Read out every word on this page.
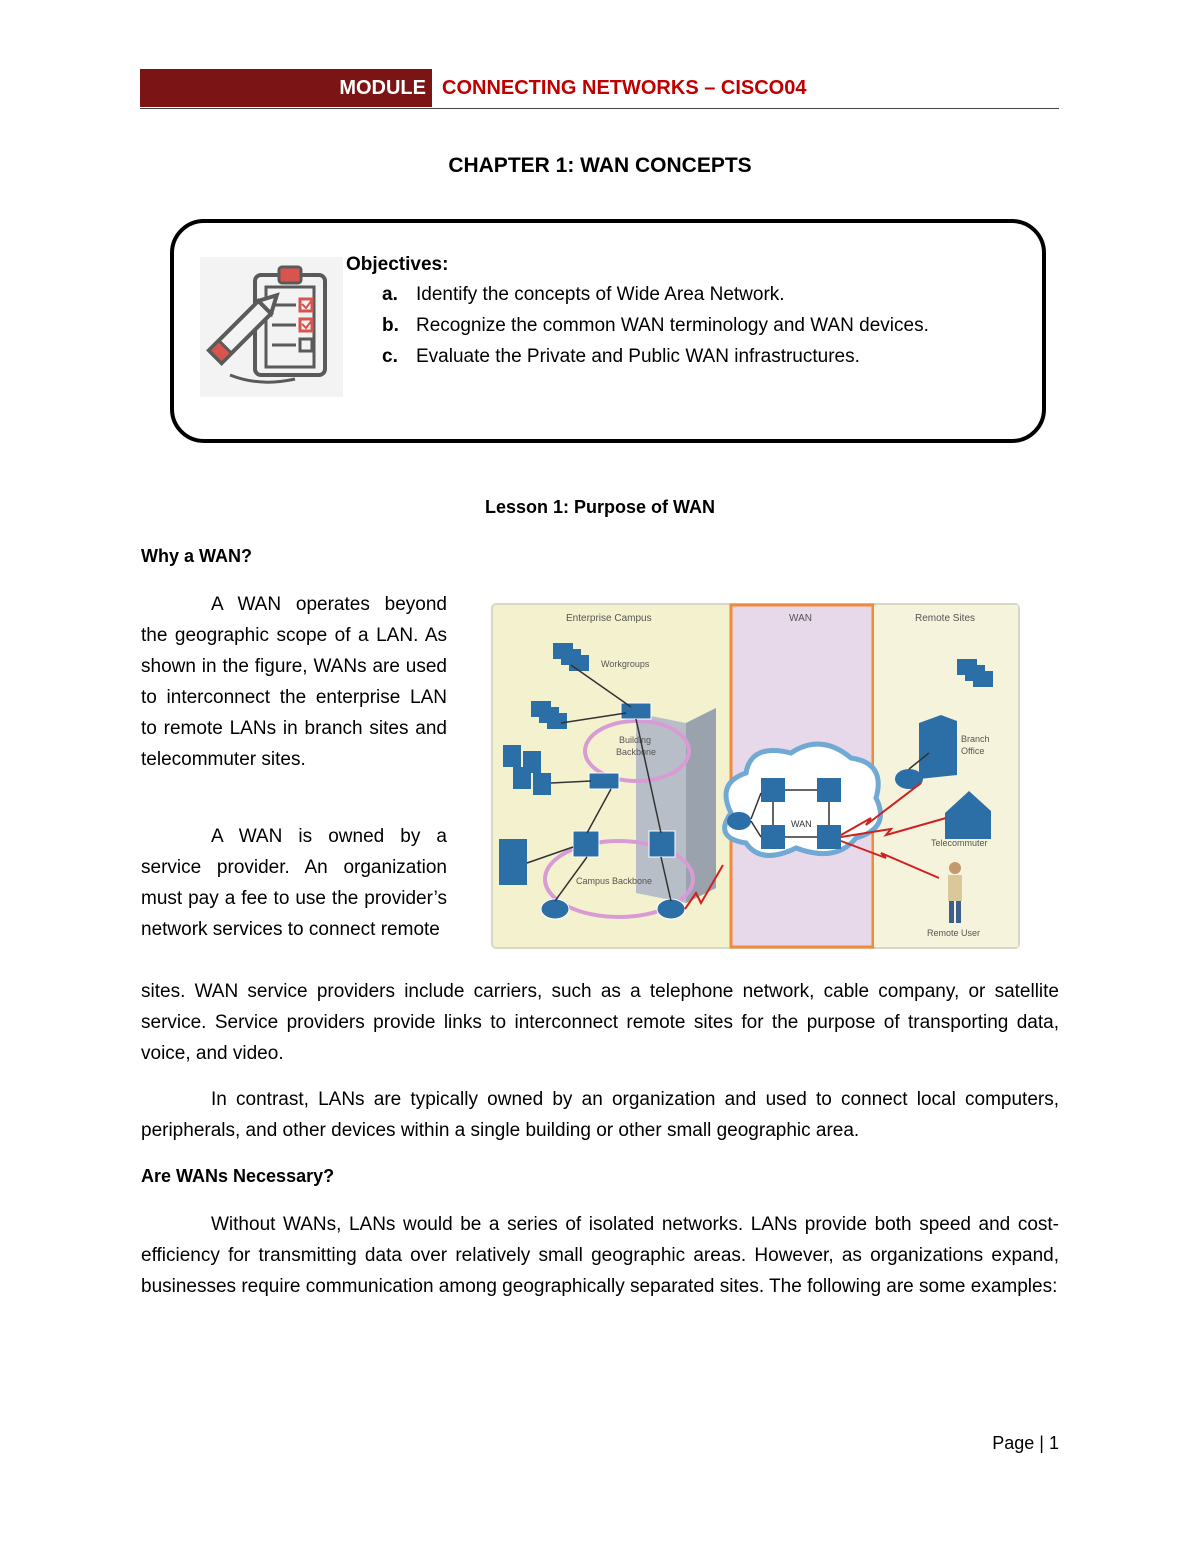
MODULE CONNECTING NETWORKS – CISCO04
CHAPTER 1: WAN CONCEPTS
Objectives:
a. Identify the concepts of Wide Area Network.
b. Recognize the common WAN terminology and WAN devices.
c. Evaluate the Private and Public WAN infrastructures.
Lesson 1: Purpose of WAN
Why a WAN?
A WAN operates beyond the geographic scope of a LAN. As shown in the figure, WANs are used to interconnect the enterprise LAN to remote LANs in branch sites and telecommuter sites.
A WAN is owned by a service provider. An organization must pay a fee to use the provider’s network services to connect remote
Enterprise Campus	WAN	Remote Sites
Building
Backbone
Campus Backbone
Workgroups
WAN
Branch
Office
Telecommuter
Remote User
sites. WAN service providers include carriers, such as a telephone network, cable company, or satellite service. Service providers provide links to interconnect remote sites for the purpose of transporting data, voice, and video.
In contrast, LANs are typically owned by an organization and used to connect local computers, peripherals, and other devices within a single building or other small geographic area.
Are WANs Necessary?
Without WANs, LANs would be a series of isolated networks. LANs provide both speed and cost-efficiency for transmitting data over relatively small geographic areas. However, as organizations expand, businesses require communication among geographically separated sites. The following are some examples:
Page | 1
